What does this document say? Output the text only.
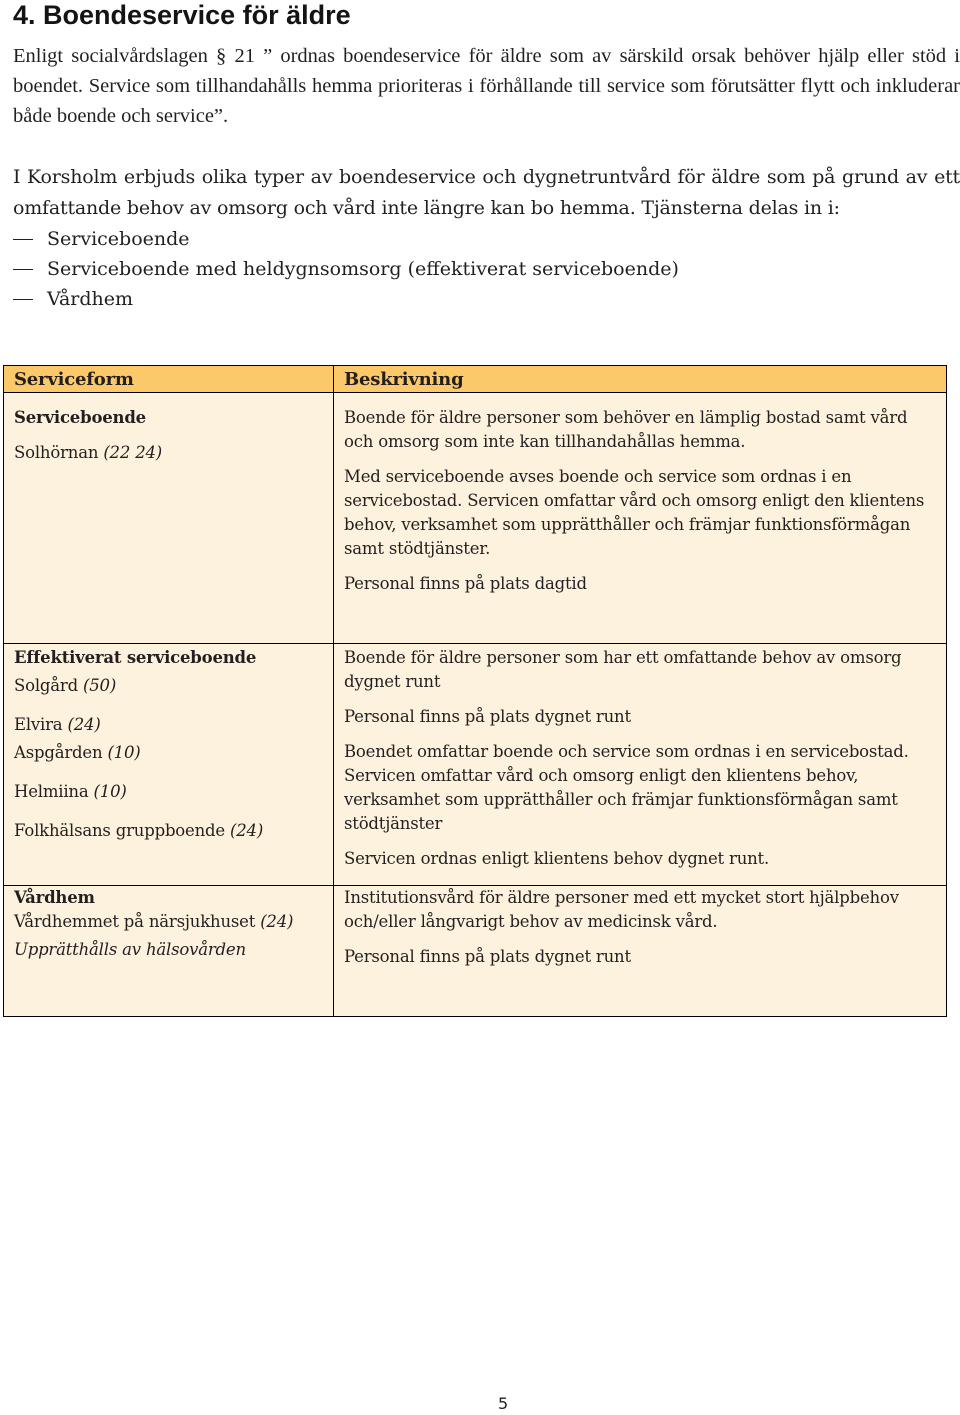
4. Boendeservice för äldre

Enligt socialvårdslagen § 21 ” ordnas boendeservice för äldre som av särskild orsak behöver hjälp eller stöd i boendet. Service som tillhandahålls hemma prioriteras i förhållande till service som förutsätter flytt och inkluderar både boende och service”.

I Korsholm erbjuds olika typer av boendeservice och dygnetruntvård för äldre som på grund av ett omfattande behov av omsorg och vård inte längre kan bo hemma. Tjänsterna delas in i:

Serviceboende
Serviceboende med heldygnsomsorg (effektiverat serviceboende)
Vårdhem
Serviceform	Beskrivning

Serviceboende

Solhörnan (22 24)

Boende för äldre personer som behöver en lämplig bostad samt vård och omsorg som inte kan tillhandahållas hemma.

Med serviceboende avses boende och service som ordnas i en servicebostad. Servicen omfattar vård och omsorg enligt den klientens behov, verksamhet som upprätthåller och främjar funktionsförmågan samt stödtjänster.

Personal finns på plats dagtid

Effektiverat serviceboende

Solgård (50)

Elvira (24)

Aspgården (10)

Helmiina (10)

Folkhälsans gruppboende (24)

Boende för äldre personer som har ett omfattande behov av omsorg dygnet runt

Personal finns på plats dygnet runt

Boendet omfattar boende och service som ordnas i en servicebostad. Servicen omfattar vård och omsorg enligt den klientens behov, verksamhet som upprätthåller och främjar funktionsförmågan samt stödtjänster

Servicen ordnas enligt klientens behov dygnet runt.

Vårdhem

Vårdhemmet på närsjukhuset (24)

Upprätthålls av hälsovården

Institutionsvård för äldre personer med ett mycket stort hjälpbehov och/eller långvarigt behov av medicinsk vård.

Personal finns på plats dygnet runt

5
